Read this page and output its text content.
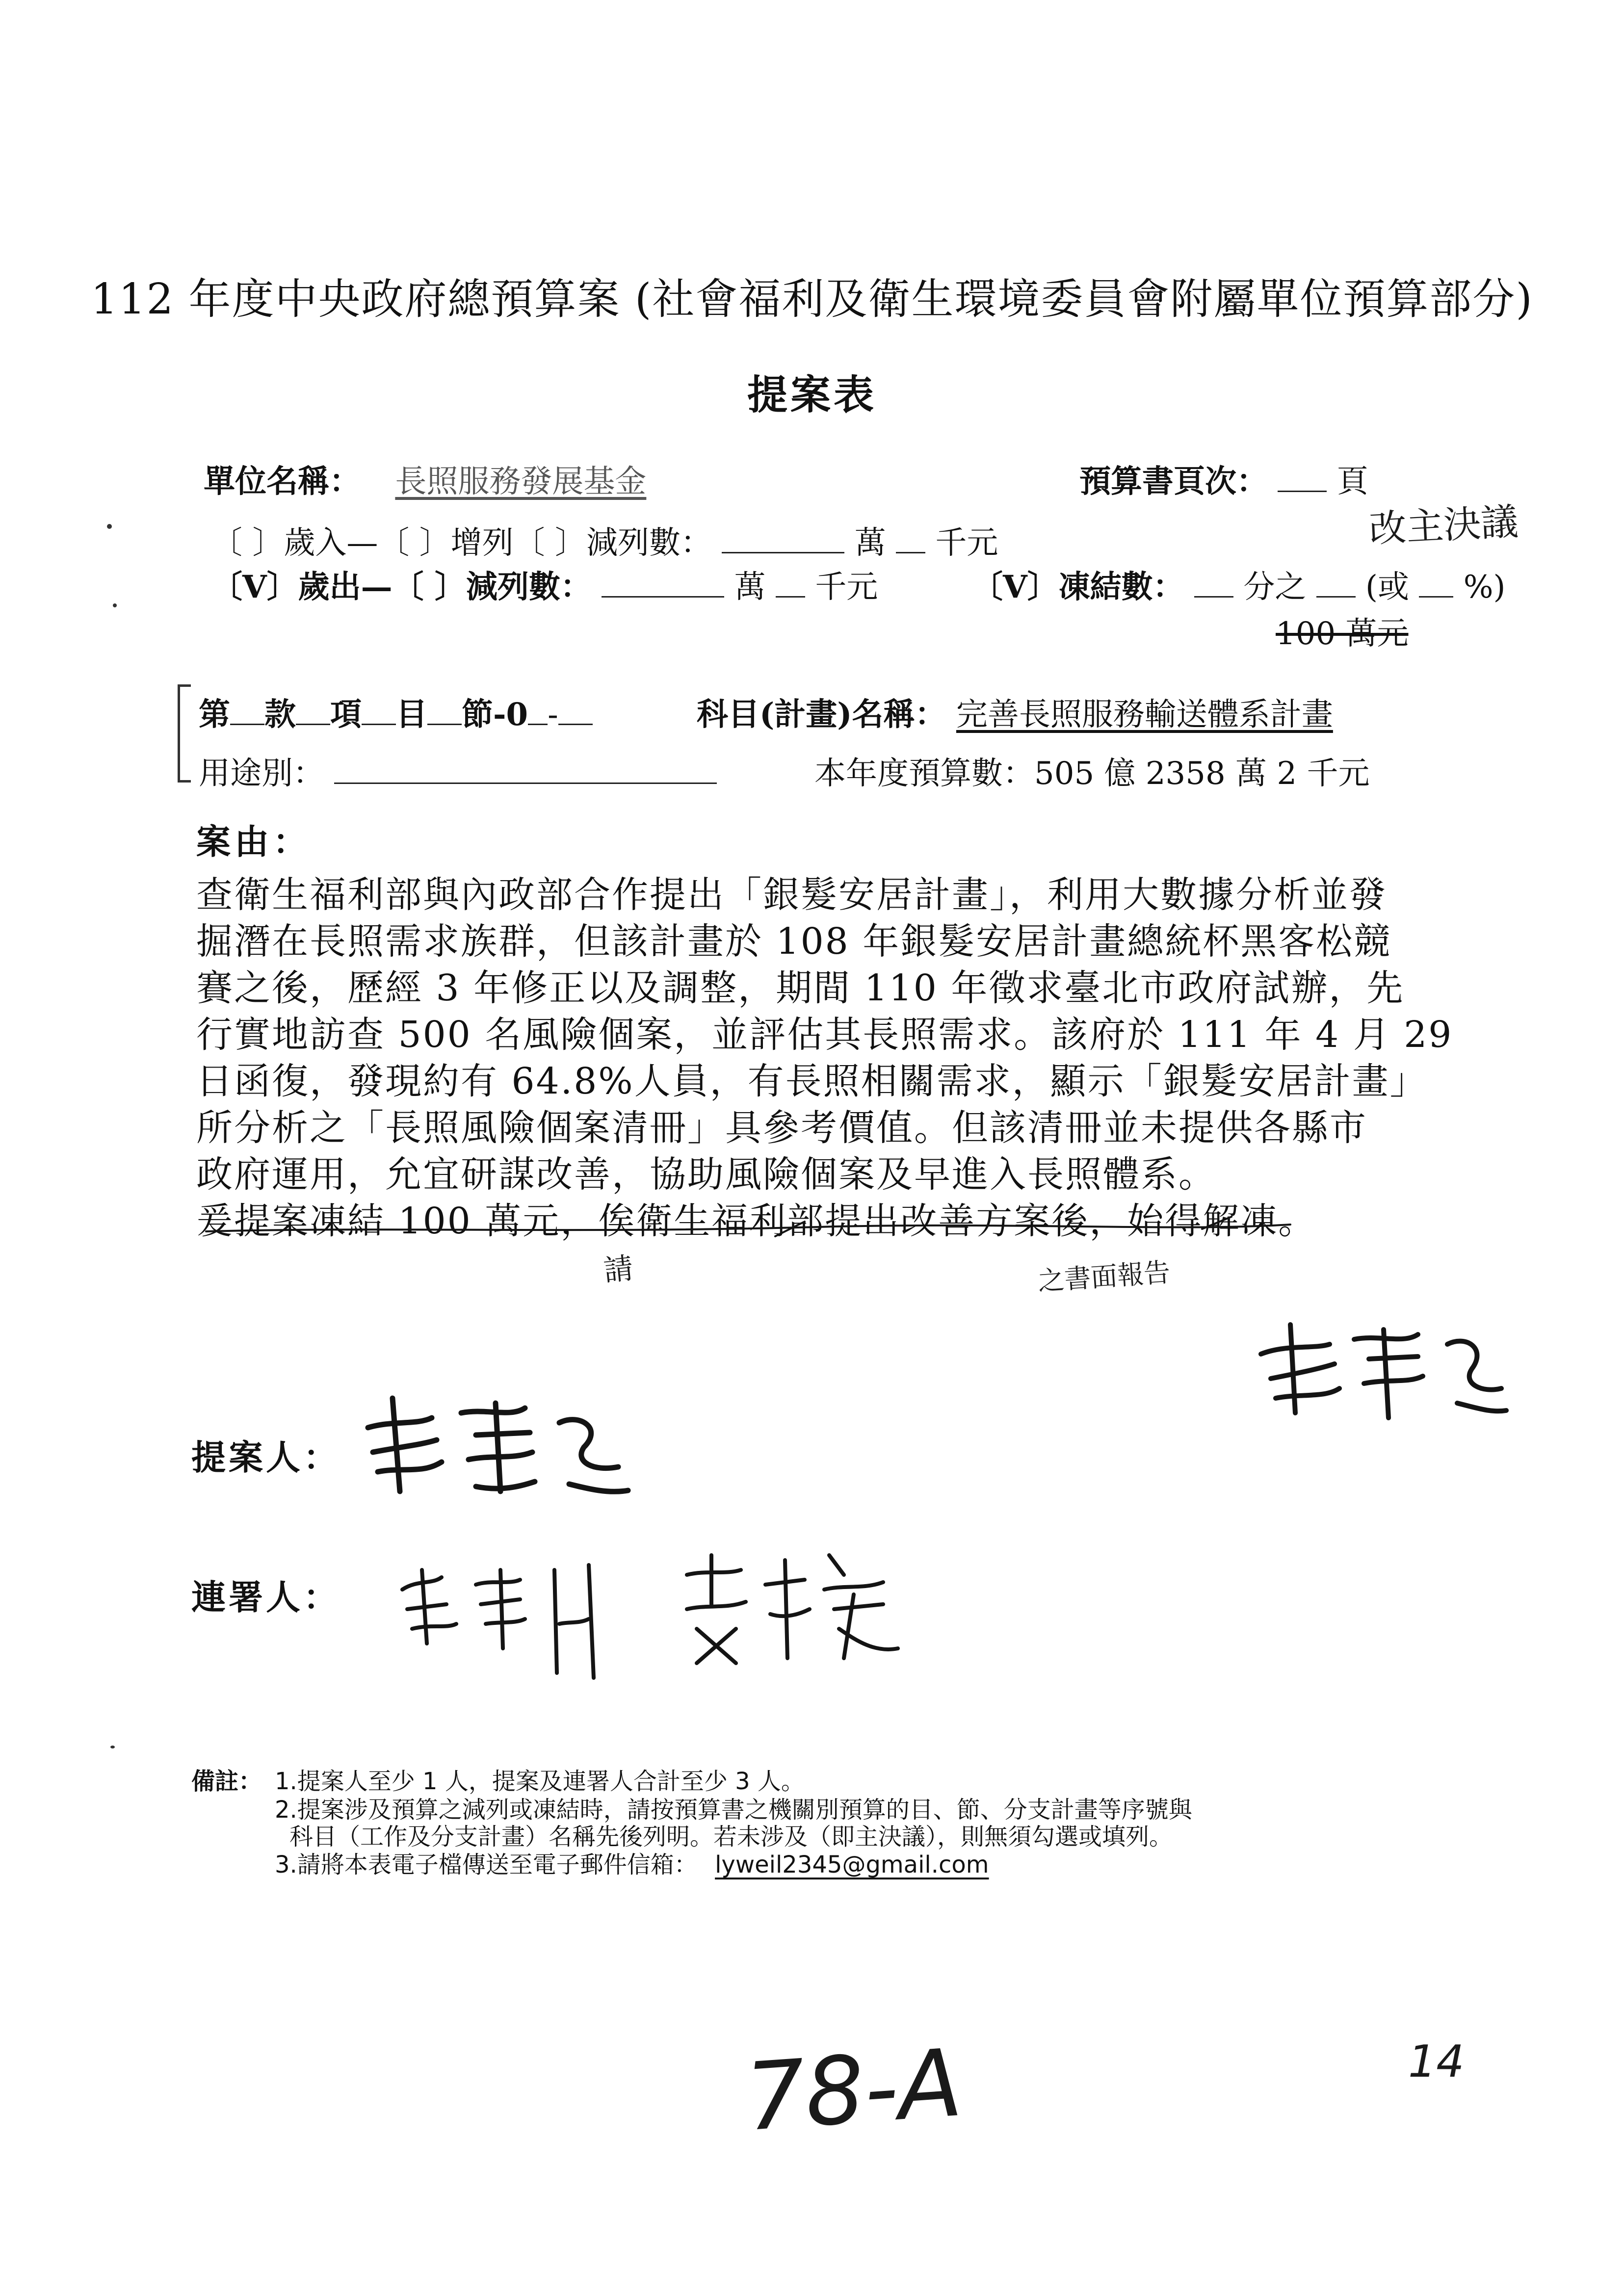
112 年度中央政府總預算案 (社會福利及衛生環境委員會附屬單位預算部分)
提案表
單位名稱： 長照服務發展基金	預算書頁次： 頁
改主決議
〔 〕歲入—〔 〕增列〔 〕減列數：	萬 千元
〔V〕歲出—〔 〕減列數：	萬 千元	〔V〕凍結數： 分之 (或 %)
100 萬元
第 款 項 目 節-0 -	科目(計畫)名稱： 完善長照服務輸送體系計畫
用途別：	本年度預算數：505 億 2358 萬 2 千元
案由：
查衛生福利部與內政部合作提出「銀髮安居計畫」，利用大數據分析並發
掘潛在長照需求族群，但該計畫於 108 年銀髮安居計畫總統杯黑客松競
賽之後，歷經 3 年修正以及調整，期間 110 年徵求臺北市政府試辦，先
行實地訪查 500 名風險個案，並評估其長照需求。該府於 111 年 4 月 29
日函復，發現約有 64.8%人員，有長照相關需求，顯示「銀髮安居計畫」
所分析之「長照風險個案清冊」具參考價值。但該清冊並未提供各縣市
政府運用，允宜研謀改善，協助風險個案及早進入長照體系。
爰提案凍結 100 萬元，俟衛生福利部提出改善方案後，始得解凍。
請	之書面報告
提案人：
連署人：
備註： 1.提案人至少 1 人，提案及連署人合計至少 3 人。
2.提案涉及預算之減列或凍結時，請按預算書之機關別預算的目、節、分支計畫等序號與
科目（工作及分支計畫）名稱先後列明。若未涉及（即主決議），則無須勾選或填列。
3.請將本表電子檔傳送至電子郵件信箱： lyweil2345@gmail.com
78-A	14
